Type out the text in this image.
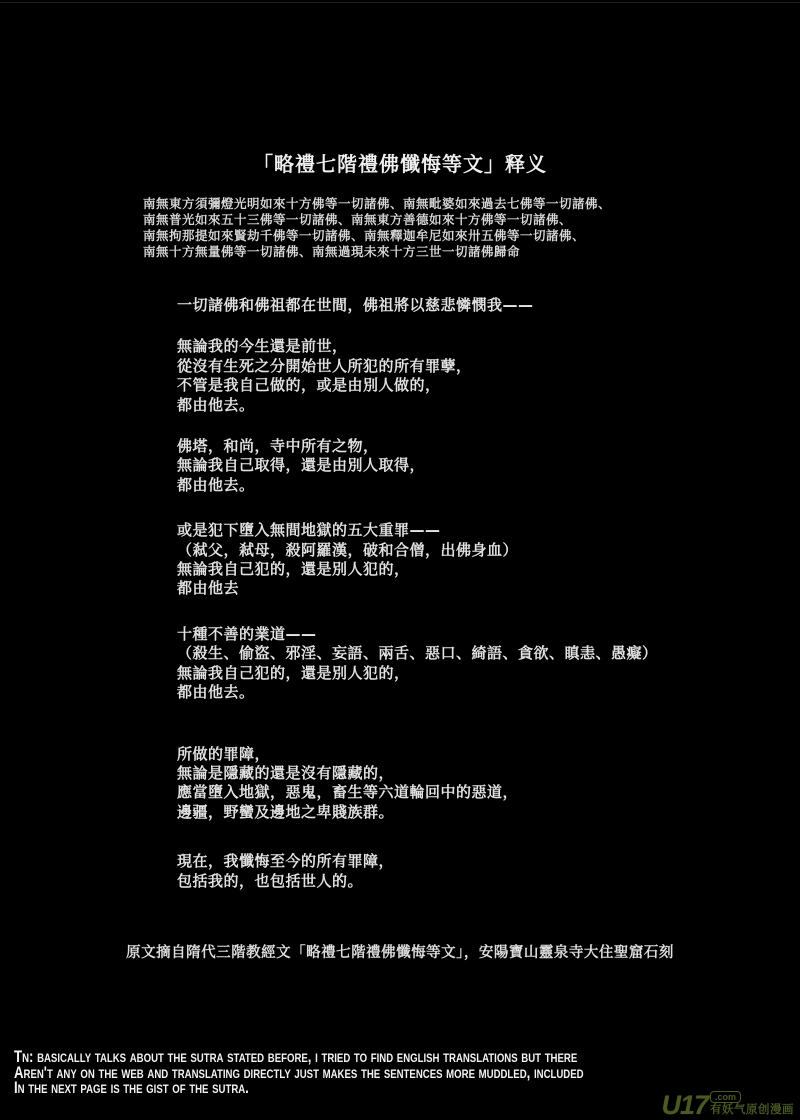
「略禮七階禮佛懺悔等文」释义
南無東方須彌燈光明如來十方佛等一切諸佛、南無毗婆如來過去七佛等一切諸佛、
南無普光如來五十三佛等一切諸佛、南無東方善德如來十方佛等一切諸佛、
南無拘那提如來賢劫千佛等一切諸佛、南無釋迦牟尼如來卅五佛等一切諸佛、
南無十方無量佛等一切諸佛、南無過現未來十方三世一切諸佛歸命
一切諸佛和佛祖都在世間，佛祖將以慈悲憐憫我——
無論我的今生還是前世，
從沒有生死之分開始世人所犯的所有罪孽，
不管是我自己做的，或是由別人做的，
都由他去。
佛塔，和尚，寺中所有之物，
無論我自己取得，還是由別人取得，
都由他去。
或是犯下墮入無間地獄的五大重罪——
（弒父，弒母，殺阿羅漢，破和合僧，出佛身血）
無論我自己犯的，還是別人犯的，
都由他去
十種不善的業道——
（殺生、偷盜、邪淫、妄語、兩舌、惡口、綺語、貪欲、瞋恚、愚癡）
無論我自己犯的，還是別人犯的，
都由他去。
所做的罪障，
無論是隱藏的還是沒有隱藏的，
應當墮入地獄，惡鬼，畜生等六道輪回中的惡道，
邊疆，野蠻及邊地之卑賤族群。
現在，我懺悔至今的所有罪障，
包括我的，也包括世人的。
原文摘自隋代三階教經文「略禮七階禮佛懺悔等文」，安陽寶山靈泉寺大住聖窟石刻
Tn: basically talks about the sutra stated before, i tried to find english translations but there
Aren't any on the web and translating directly just makes the sentences more muddled, included
In the next page is the gist of the sutra.
U17 .com
有妖气原创漫画
